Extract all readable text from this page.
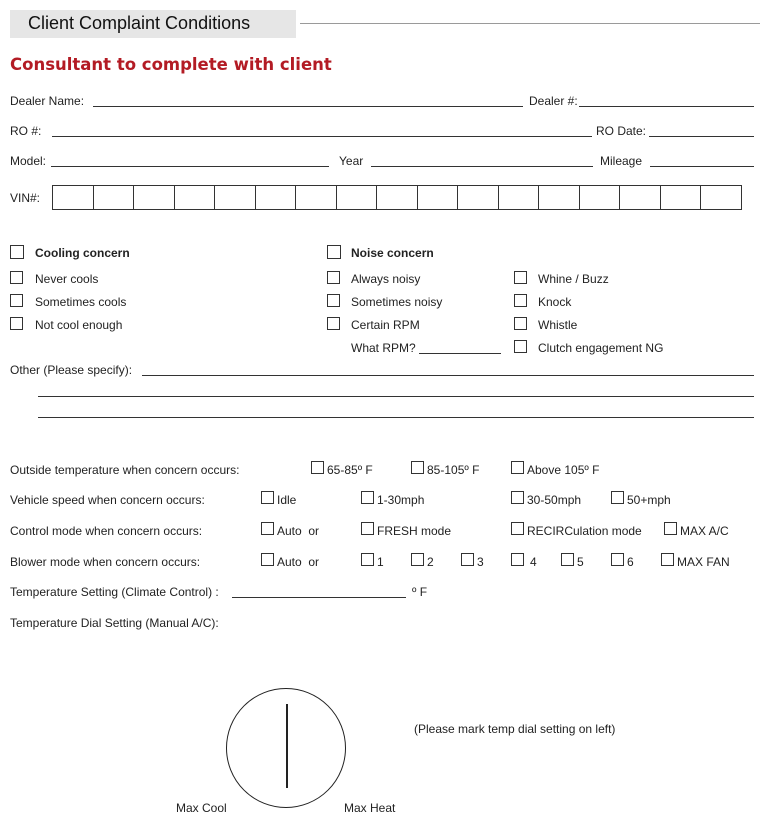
Client Complaint Conditions
Consultant to complete with client
Dealer Name:	Dealer #:
RO #:	RO Date:
Model:	Year	Mileage
VIN#:
Cooling concern
Never cools
Sometimes cools
Not cool enough
Noise concern
Always noisy
Sometimes noisy
Certain RPM
What RPM?
Whine / Buzz
Knock
Whistle
Clutch engagement NG
Other (Please specify):
Outside temperature when concern occurs:	65-85º F	85-105º F	Above 105º F
Vehicle speed when concern occurs:	Idle	1-30mph	30-50mph	50+mph
Control mode when concern occurs:	Auto  or	FRESH mode	RECIRCulation mode	MAX A/C
Blower mode when concern occurs:	Auto  or	1	2	3	4	5	6	MAX FAN
Temperature Setting (Climate Control) :	º F
Temperature Dial Setting (Manual A/C):
(Please mark temp dial setting on left)
Max Cool	Max Heat
